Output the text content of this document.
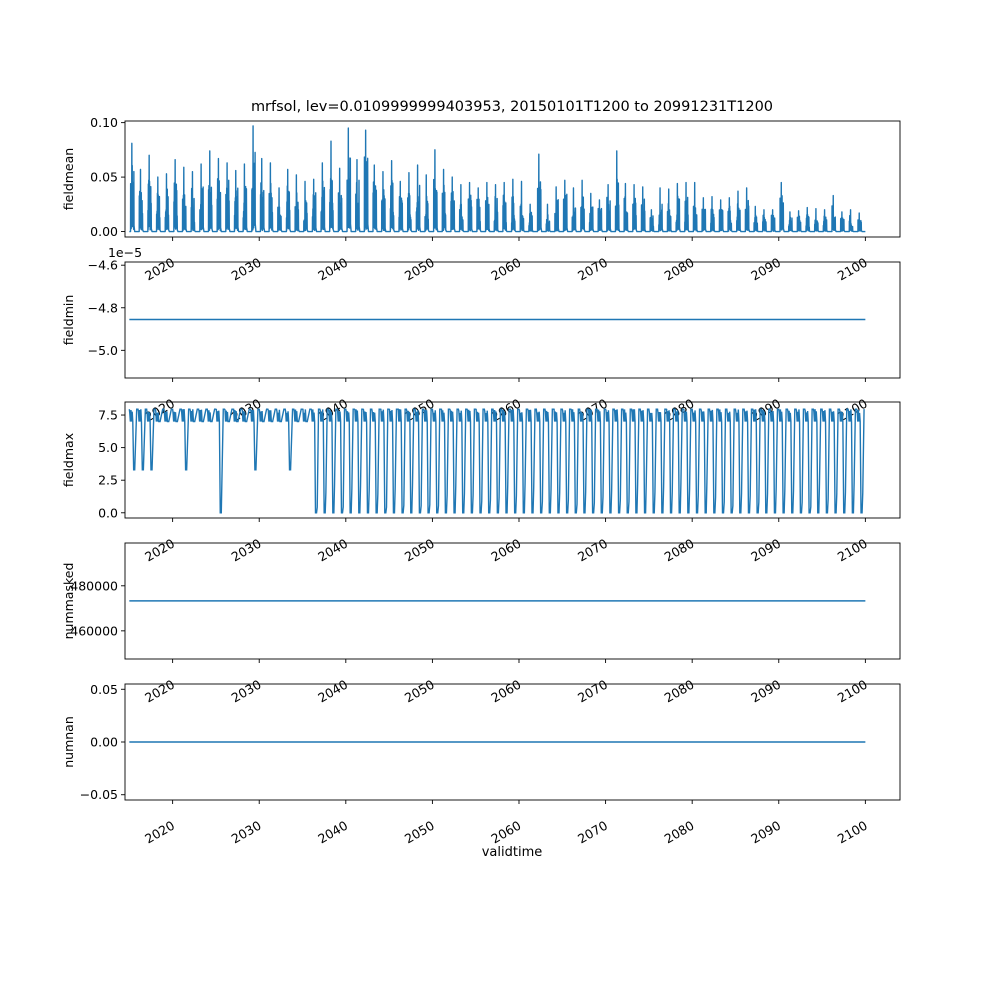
mrfsol, lev=0.0109999999403953, 20150101T1200 to 20991231T1200
validtime
0.00
0.05
0.10
fieldmean
2020	2030	2040	2050	2060	2070	2080	2090	2100
−4.6
−4.8
−5.0
fieldmin
1e−5
2020	2030	2040	2050	2060	2070	2080	2090	2100
0.0
2.5
5.0
7.5
fieldmax
2020	2030	2040	2050	2060	2070	2080	2090	2100
460000
480000
nummasked
2020	2030	2040	2050	2060	2070	2080	2090	2100
−0.05
0.00
0.05
numnan
2020	2030	2040	2050	2060	2070	2080	2090	2100
